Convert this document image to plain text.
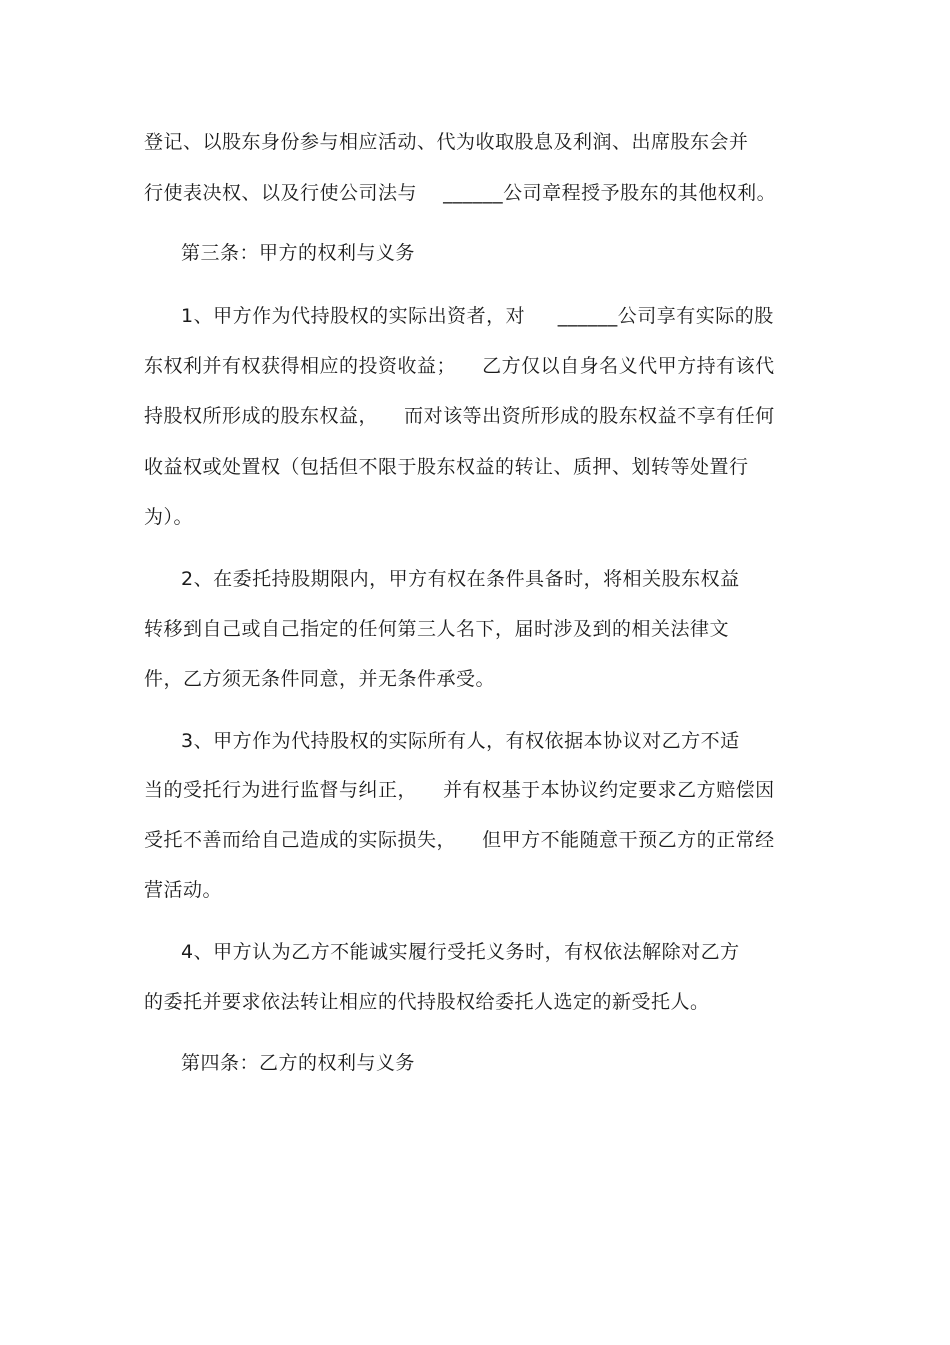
登记、以股东身份参与相应活动、代为收取股息及利润、出席股东会并
行使表决权、以及行使公司法与    ______公司章程授予股东的其他权利。
第三条：甲方的权利与义务
1、甲方作为代持股权的实际出资者，对     ______公司享有实际的股
东权利并有权获得相应的投资收益；    乙方仅以自身名义代甲方持有该代
持股权所形成的股东权益，    而对该等出资所形成的股东权益不享有任何
收益权或处置权（包括但不限于股东权益的转让、质押、划转等处置行
为）。
2、在委托持股期限内，甲方有权在条件具备时，将相关股东权益
转移到自己或自己指定的任何第三人名下，届时涉及到的相关法律文
件，乙方须无条件同意，并无条件承受。
3、甲方作为代持股权的实际所有人，有权依据本协议对乙方不适
当的受托行为进行监督与纠正，    并有权基于本协议约定要求乙方赔偿因
受托不善而给自己造成的实际损失，    但甲方不能随意干预乙方的正常经
营活动。
4、甲方认为乙方不能诚实履行受托义务时，有权依法解除对乙方
的委托并要求依法转让相应的代持股权给委托人选定的新受托人。
第四条：乙方的权利与义务
